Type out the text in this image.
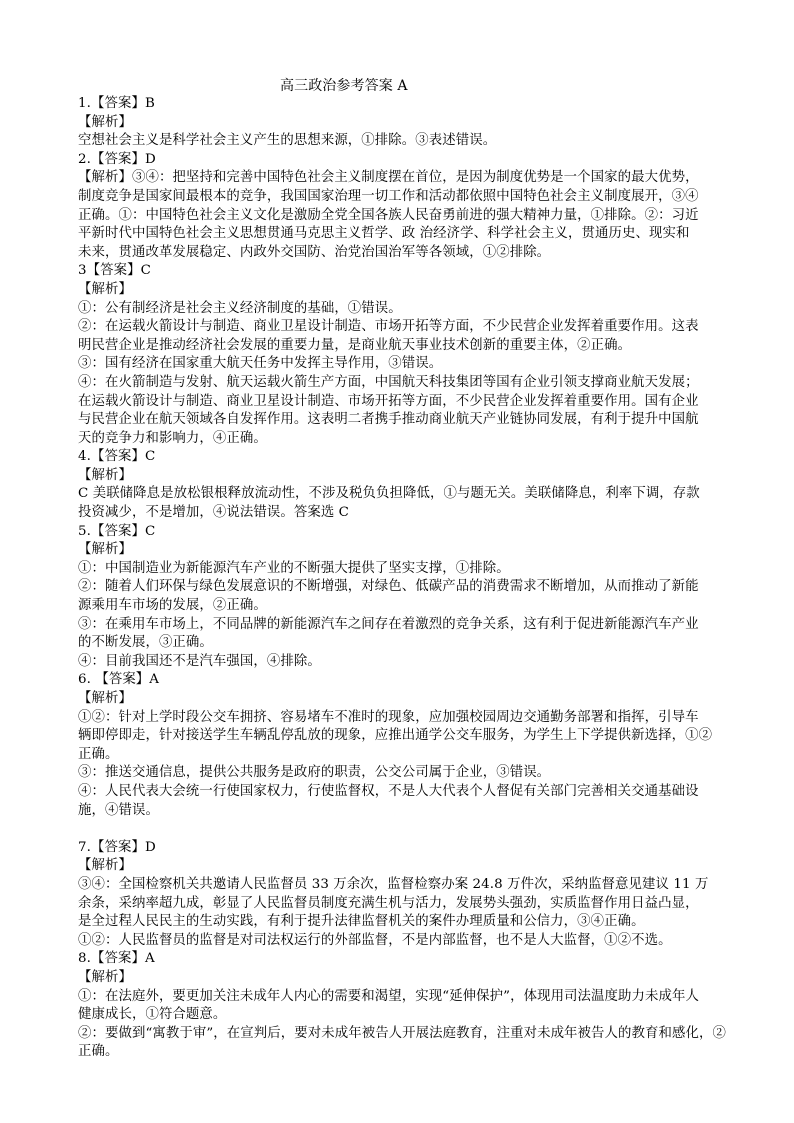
高三政治参考答案 A
1.【答案】B
【解析】
空想社会主义是科学社会主义产生的思想来源，①排除。③表述错误。
2.【答案】D
【解析】③④：把坚持和完善中国特色社会主义制度摆在首位，是因为制度优势是一个国家的最大优势，
制度竞争是国家间最根本的竞争，我国国家治理一切工作和活动都依照中国特色社会主义制度展开，③④
正确。①：中国特色社会主义文化是激励全党全国各族人民奋勇前进的强大精神力量，①排除。②：习近
平新时代中国特色社会主义思想贯通马克思主义哲学、政 治经济学、科学社会主义，贯通历史、现实和
未来，贯通改革发展稳定、内政外交国防、治党治国治军等各领域，①②排除。
3【答案】C
【解析】
①：公有制经济是社会主义经济制度的基础，①错误。
②：在运载火箭设计与制造、商业卫星设计制造、市场开拓等方面，不少民营企业发挥着重要作用。这表
明民营企业是推动经济社会发展的重要力量，是商业航天事业技术创新的重要主体，②正确。
③：国有经济在国家重大航天任务中发挥主导作用，③错误。
④：在火箭制造与发射、航天运载火箭生产方面，中国航天科技集团等国有企业引领支撑商业航天发展；
在运载火箭设计与制造、商业卫星设计制造、市场开拓等方面，不少民营企业发挥着重要作用。国有企业
与民营企业在航天领域各自发挥作用。这表明二者携手推动商业航天产业链协同发展，有利于提升中国航
天的竞争力和影响力，④正确。
4.【答案】C
【解析】
C 美联储降息是放松银根释放流动性，不涉及税负负担降低，①与题无关。美联储降息，利率下调，存款
投资减少，不是增加，④说法错误。答案选 C
5.【答案】C
【解析】
①：中国制造业为新能源汽车产业的不断强大提供了坚实支撑，①排除。
②：随着人们环保与绿色发展意识的不断增强，对绿色、低碳产品的消费需求不断增加，从而推动了新能
源乘用车市场的发展，②正确。
③：在乘用车市场上，不同品牌的新能源汽车之间存在着激烈的竞争关系，这有利于促进新能源汽车产业
的不断发展，③正确。
④：目前我国还不是汽车强国，④排除。
6. 【答案】A
【解析】
①②：针对上学时段公交车拥挤、容易堵车不准时的现象，应加强校园周边交通勤务部署和指挥，引导车
辆即停即走，针对接送学生车辆乱停乱放的现象，应推出通学公交车服务，为学生上下学提供新选择，①②
正确。
③：推送交通信息，提供公共服务是政府的职责，公交公司属于企业，③错误。
④：人民代表大会统一行使国家权力，行使监督权，不是人大代表个人督促有关部门完善相关交通基础设
施，④错误。
7.【答案】D
【解析】
③④：全国检察机关共邀请人民监督员 33 万余次，监督检察办案 24.8 万件次，采纳监督意见建议 11 万
余条，采纳率超九成，彰显了人民监督员制度充满生机与活力，发展势头强劲，实质监督作用日益凸显，
是全过程人民民主的生动实践，有利于提升法律监督机关的案件办理质量和公信力，③④正确。
①②：人民监督员的监督是对司法权运行的外部监督，不是内部监督，也不是人大监督，①②不选。
8.【答案】A
【解析】
①：在法庭外，要更加关注未成年人内心的需要和渴望，实现“延伸保护”，体现用司法温度助力未成年人
健康成长，①符合题意。
②：要做到“寓教于审”，在宣判后，要对未成年被告人开展法庭教育，注重对未成年被告人的教育和感化，②
正确。
